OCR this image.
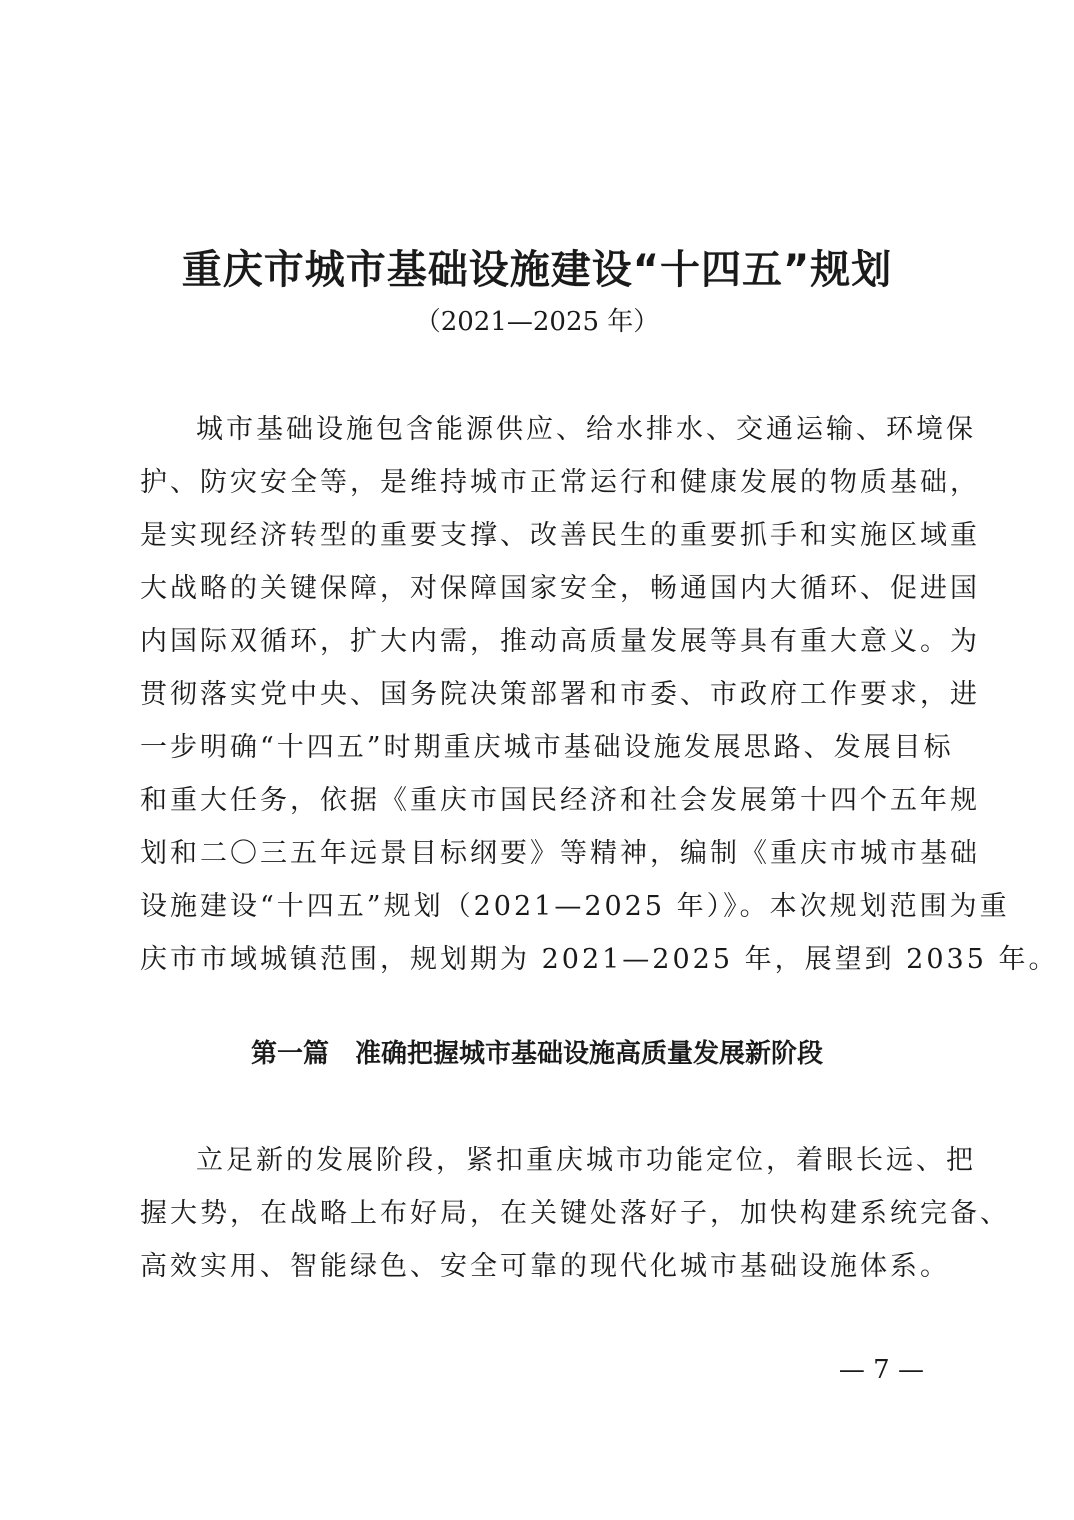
重庆市城市基础设施建设“十四五”规划
（2021—2025 年）
城市基础设施包含能源供应、给水排水、交通运输、环境保
护、防灾安全等，是维持城市正常运行和健康发展的物质基础，
是实现经济转型的重要支撑、改善民生的重要抓手和实施区域重
大战略的关键保障，对保障国家安全，畅通国内大循环、促进国
内国际双循环，扩大内需，推动高质量发展等具有重大意义。为
贯彻落实党中央、国务院决策部署和市委、市政府工作要求，进
一步明确“十四五”时期重庆城市基础设施发展思路、发展目标
和重大任务，依据《重庆市国民经济和社会发展第十四个五年规
划和二〇三五年远景目标纲要》等精神，编制《重庆市城市基础
设施建设“十四五”规划（2021—2025 年）》。本次规划范围为重
庆市市域城镇范围，规划期为 2021—2025 年，展望到 2035 年。
第一篇　准确把握城市基础设施高质量发展新阶段
立足新的发展阶段，紧扣重庆城市功能定位，着眼长远、把
握大势，在战略上布好局，在关键处落好子，加快构建系统完备、
高效实用、智能绿色、安全可靠的现代化城市基础设施体系。
— 7 —
